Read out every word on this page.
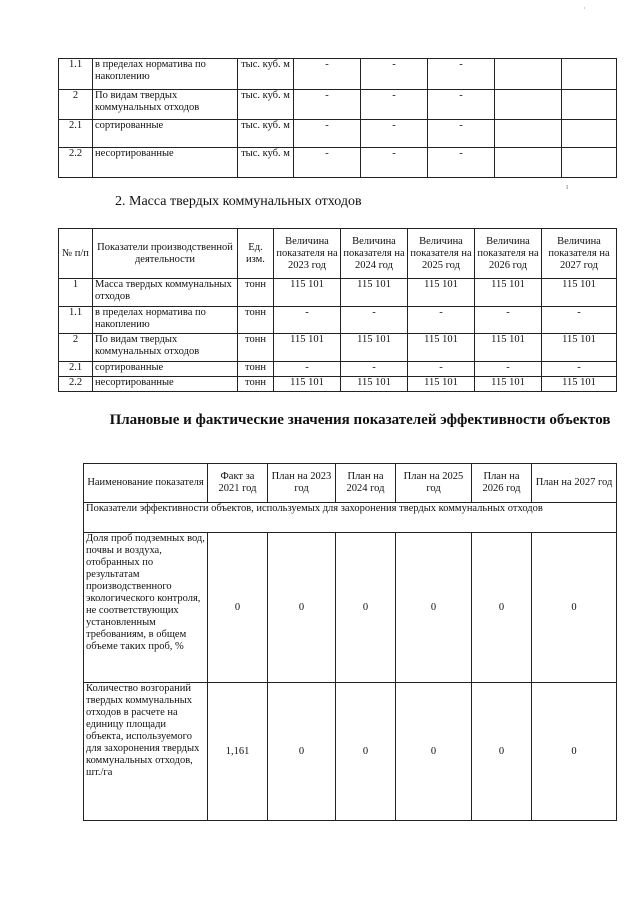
1.1	в пределах норматива по накоплению	тыс. куб. м	-	-	-		
2	По видам твердых коммунальных отходов	тыс. куб. м	-	-	-		
2.1	сортированные	тыс. куб. м	-	-	-		
2.2	несортированные	тыс. куб. м	-	-	-		
2. Масса твердых коммунальных отходов
ı
·
№ п/п	Показатели производственной деятельности	Ед. изм.	Величина показателя на 2023 год	Величина показателя на 2024 год	Величина показателя на 2025 год	Величина показателя на 2026 год	Величина показателя на 2027 год
1	Масса твердых коммунальных отходов	тонн	115 101	115 101	115 101	115 101	115 101
1.1	в пределах норматива по накоплению	тонн	-	-	-	-	-
2	По видам твердых коммунальных отходов	тонн	115 101	115 101	115 101	115 101	115 101
2.1	сортированные	тонн	-	-	-	-	-
2.2	несортированные	тонн	115 101	115 101	115 101	115 101	115 101
Плановые и фактические значения показателей эффективности объектов
Наименование показателя	Факт за 2021 год	План на 2023 год	План на 2024 год	План на 2025 год	План на 2026 год	План на 2027 год
Показатели эффективности объектов, используемых для захоронения твердых коммунальных отходов						
Доля проб подземных вод, почвы и воздуха, отобранных по результатам производственного экологического контроля, не соответствующих установленным требованиям, в общем объеме таких проб, %	0	0	0	0	0	0
Количество возгораний твердых коммунальных отходов в расчете на единицу площади объекта, используемого для захоронения твердых коммунальных отходов, шт./га	1,161	0	0	0	0	0
